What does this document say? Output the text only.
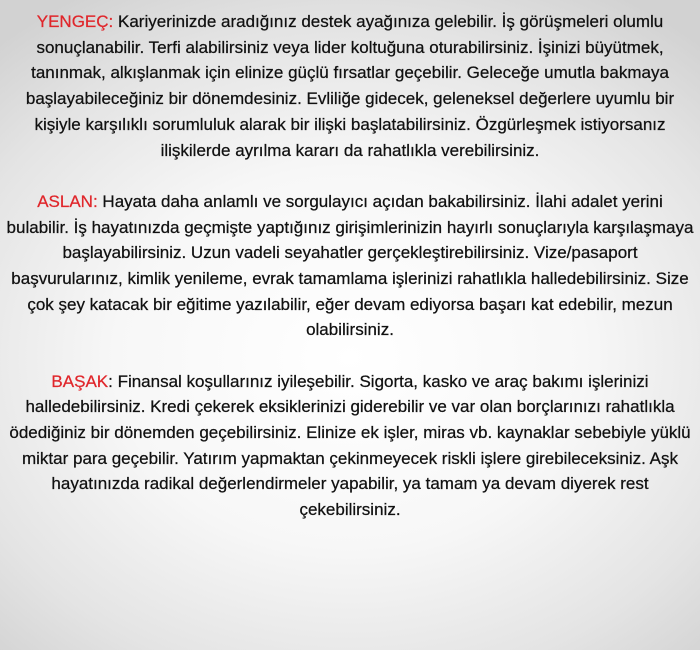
YENGEÇ: Kariyerinizde aradığınız destek ayağınıza gelebilir. İş görüşmeleri olumlu sonuçlanabilir. Terfi alabilirsiniz veya lider koltuğuna oturabilirsiniz. İşinizi büyütmek, tanınmak, alkışlanmak için elinize güçlü fırsatlar geçebilir. Geleceğe umutla bakmaya başlayabileceğiniz bir dönemdesiniz. Evliliğe gidecek, geleneksel değerlere uyumlu bir kişiyle karşılıklı sorumluluk alarak bir ilişki başlatabilirsiniz. Özgürleşmek istiyorsanız ilişkilerde ayrılma kararı da rahatlıkla verebilirsiniz.

ASLAN: Hayata daha anlamlı ve sorgulayıcı açıdan bakabilirsiniz. İlahi adalet yerini bulabilir. İş hayatınızda geçmişte yaptığınız girişimlerinizin hayırlı sonuçlarıyla karşılaşmaya başlayabilirsiniz. Uzun vadeli seyahatler gerçekleştirebilirsiniz. Vize/pasaport başvurularınız, kimlik yenileme, evrak tamamlama işlerinizi rahatlıkla halledebilirsiniz. Size çok şey katacak bir eğitime yazılabilir, eğer devam ediyorsa başarı kat edebilir, mezun olabilirsiniz.

BAŞAK: Finansal koşullarınız iyileşebilir. Sigorta, kasko ve araç bakımı işlerinizi halledebilirsiniz. Kredi çekerek eksiklerinizi giderebilir ve var olan borçlarınızı rahatlıkla ödediğiniz bir dönemden geçebilirsiniz. Elinize ek işler, miras vb. kaynaklar sebebiyle yüklü miktar para geçebilir. Yatırım yapmaktan çekinmeyecek riskli işlere girebileceksiniz. Aşk hayatınızda radikal değerlendirmeler yapabilir, ya tamam ya devam diyerek rest çekebilirsiniz.
